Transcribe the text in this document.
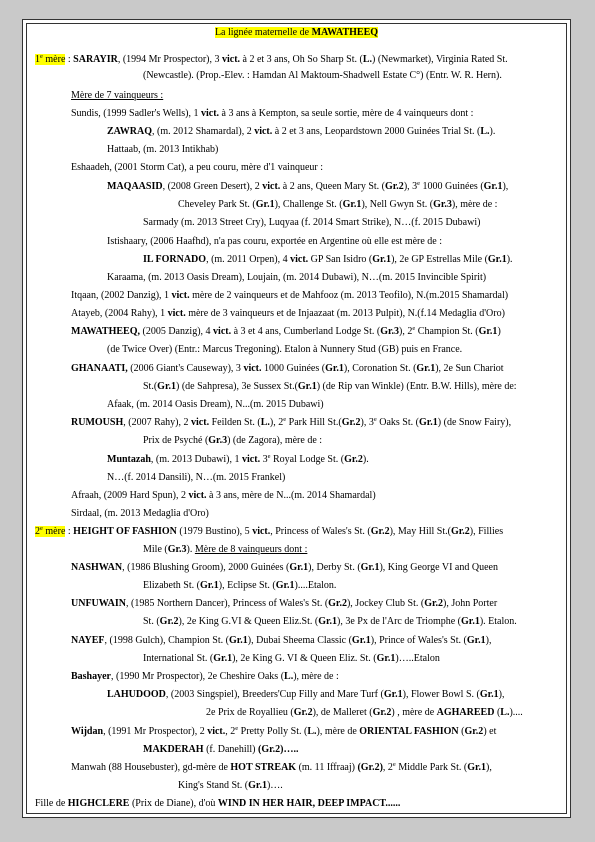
La lignée maternelle de MAWATHEEQ
1e mère : SARAYIR, (1994 Mr Prospector), 3 vict. à 2 et 3 ans, Oh So Sharp St. (L.) (Newmarket), Virginia Rated St.
(Newcastle). (Prop.-Elev. : Hamdan Al Maktoum-Shadwell Estate C°) (Entr. W. R. Hern).
Mère de 7 vainqueurs :
Sundis, (1999 Sadler's Wells), 1 vict. à 3 ans à Kempton, sa seule sortie, mère de 4 vainqueurs dont :
ZAWRAQ, (m. 2012 Shamardal), 2 vict. à 2 et 3 ans, Leopardstown 2000 Guinées Trial St. (L.).
Hattaab, (m. 2013 Intikhab)
Eshaadeh, (2001 Storm Cat), a peu couru, mère d'1 vainqueur :
MAQAASID, (2008 Green Desert), 2 vict. à 2 ans, Queen Mary St. (Gr.2), 3e 1000 Guinées (Gr.1),
Cheveley Park St. (Gr.1), Challenge St. (Gr.1), Nell Gwyn St. (Gr.3), mère de :
Sarmady (m. 2013 Street Cry), Luqyaa (f. 2014 Smart Strike), N…(f. 2015 Dubawi)
Istishaary, (2006 Haafhd), n'a pas couru, exportée en Argentine où elle est mère de :
IL FORNADO, (m. 2011 Orpen), 4 vict. GP San Isidro (Gr.1), 2e GP Estrellas Mile (Gr.1).
Karaama, (m. 2013 Oasis Dream), Loujain, (m. 2014 Dubawi), N…(m. 2015 Invincible Spirit)
Itqaan, (2002 Danzig), 1 vict. mère de 2 vainqueurs et de Mahfooz (m. 2013 Teofilo), N.(m.2015 Shamardal)
Atayeb, (2004 Rahy), 1 vict. mère de 3 vainqueurs et de Injaazaat (m. 2013 Pulpit), N.(f.14 Medaglia d'Oro)
MAWATHEEQ, (2005 Danzig), 4 vict. à 3 et 4 ans, Cumberland Lodge St. (Gr.3), 2e Champion St. (Gr.1)
(de Twice Over) (Entr.: Marcus Tregoning). Etalon à Nunnery Stud (GB) puis en France.
GHANAATI, (2006 Giant's Causeway), 3 vict. 1000 Guinées (Gr.1), Coronation St. (Gr.1), 2e Sun Chariot
St.(Gr.1) (de Sahpresa), 3e Sussex St.(Gr.1) (de Rip van Winkle) (Entr. B.W. Hills), mère de:
Afaak, (m. 2014 Oasis Dream), N...(m. 2015 Dubawi)
RUMOUSH, (2007 Rahy), 2 vict. Feilden St. (L.), 2e Park Hill St.(Gr.2), 3e Oaks St. (Gr.1) (de Snow Fairy),
Prix de Psyché (Gr.3) (de Zagora), mère de :
Muntazah, (m. 2013 Dubawi), 1 vict. 3e Royal Lodge St. (Gr.2).
N…(f. 2014 Dansili), N…(m. 2015 Frankel)
Afraah, (2009 Hard Spun), 2 vict. à 3 ans, mère de N...(m. 2014 Shamardal)
Sirdaal, (m. 2013 Medaglia d'Oro)
2e mère : HEIGHT OF FASHION (1979 Bustino), 5 vict., Princess of Wales's St. (Gr.2), May Hill St.(Gr.2), Fillies
Mile (Gr.3). Mère de 8 vainqueurs dont :
NASHWAN, (1986 Blushing Groom), 2000 Guinées (Gr.1), Derby St. (Gr.1), King George VI and Queen
Elizabeth St. (Gr.1), Eclipse St. (Gr.1)....Etalon.
UNFUWAIN, (1985 Northern Dancer), Princess of Wales's St. (Gr.2), Jockey Club St. (Gr.2), John Porter
St. (Gr.2), 2e King G.VI & Queen Eliz.St. (Gr.1), 3e Px de l'Arc de Triomphe (Gr.1). Etalon.
NAYEF, (1998 Gulch), Champion St. (Gr.1), Dubai Sheema Classic (Gr.1), Prince of Wales's St. (Gr.1),
International St. (Gr.1), 2e King G. VI & Queen Eliz. St. (Gr.1)…..Etalon
Bashayer, (1990 Mr Prospector), 2e Cheshire Oaks (L.), mère de :
LAHUDOOD, (2003 Singspiel), Breeders'Cup Filly and Mare Turf (Gr.1), Flower Bowl S. (Gr.1),
2e Prix de Royallieu (Gr.2), de Malleret (Gr.2) , mère de AGHAREED (L.)....
Wijdan, (1991 Mr Prospector), 2 vict., 2e Pretty Polly St. (L.), mère de ORIENTAL FASHION (Gr.2) et
MAKDERAH (f. Danehill) (Gr.2)…..
Manwah (88 Housebuster), gd-mère de HOT STREAK (m. 11 Iffraaj) (Gr.2), 2e Middle Park St. (Gr.1),
King's Stand St. (Gr.1)….
Fille de HIGHCLERE (Prix de Diane), d'où WIND IN HER HAIR, DEEP IMPACT......
